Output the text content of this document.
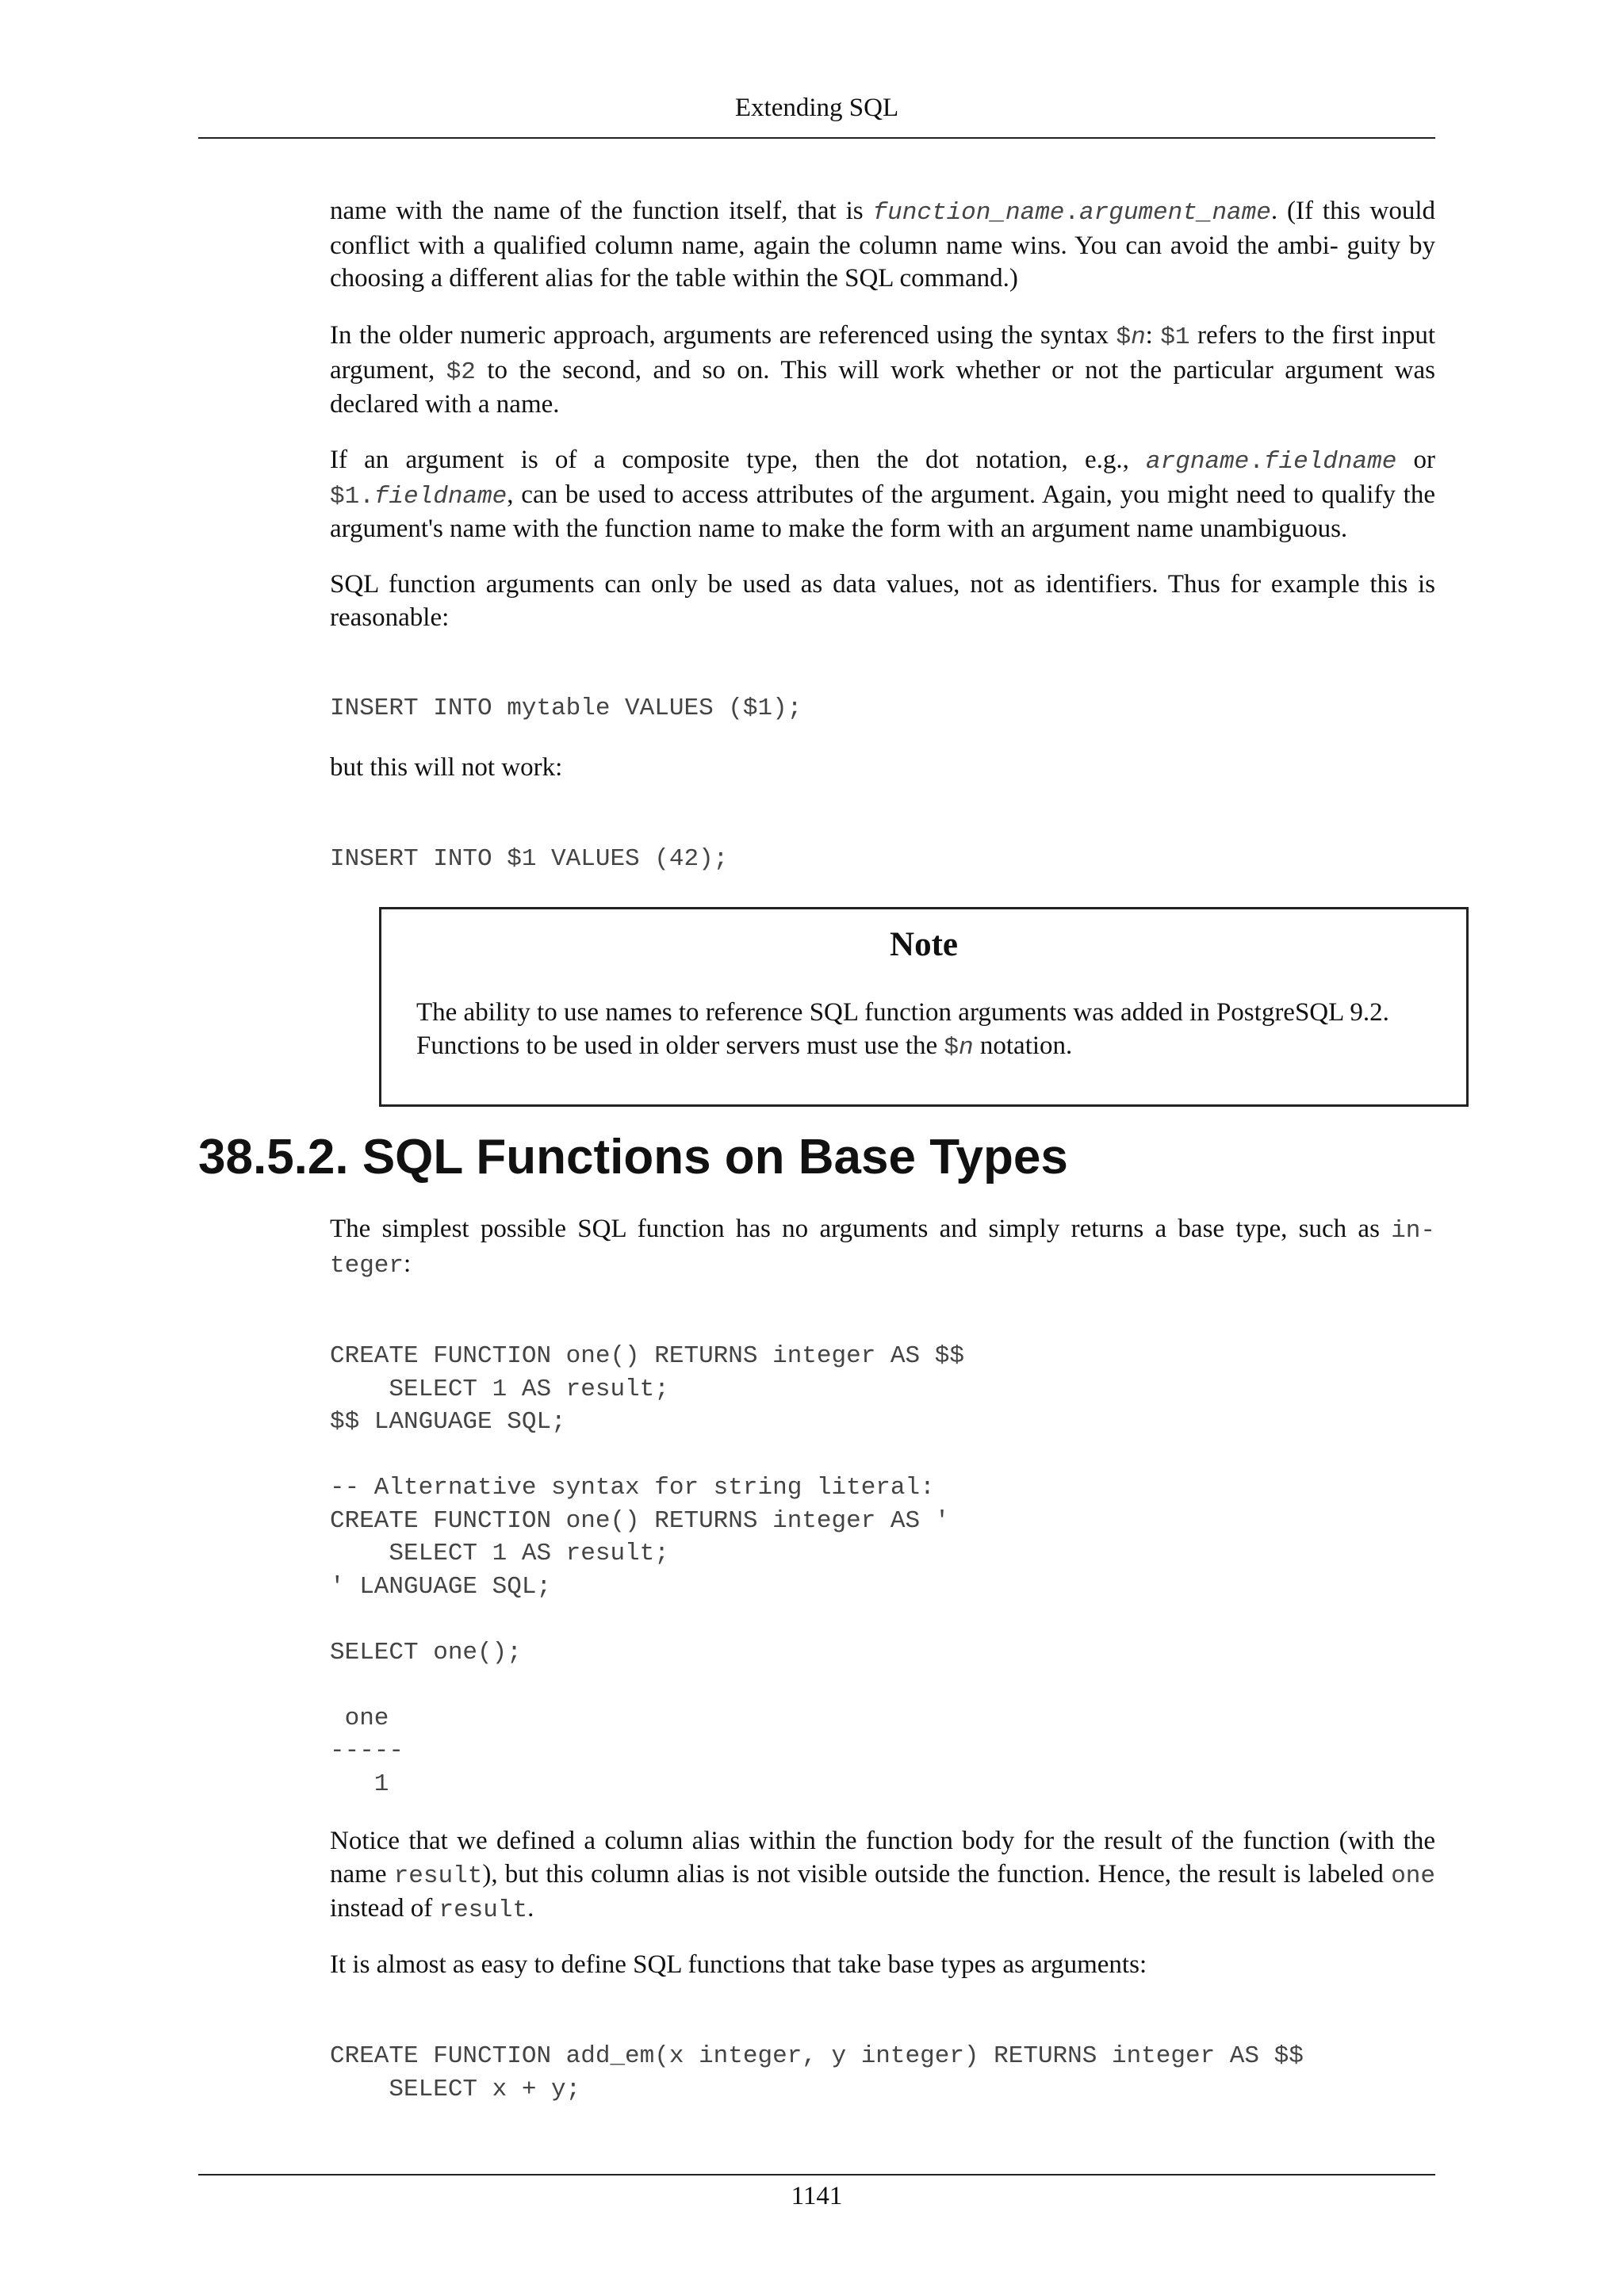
Extending SQL

name with the name of the function itself, that is function_name.argument_name. (If this would conflict with a qualified column name, again the column name wins. You can avoid the ambi- guity by choosing a different alias for the table within the SQL command.)

In the older numeric approach, arguments are referenced using the syntax $n: $1 refers to the first input argument, $2 to the second, and so on. This will work whether or not the particular argument was declared with a name.

If an argument is of a composite type, then the dot notation, e.g., argname.fieldname or $1.fieldname, can be used to access attributes of the argument. Again, you might need to qualify the argument's name with the function name to make the form with an argument name unambiguous.

SQL function arguments can only be used as data values, not as identifiers. Thus for example this is reasonable:

INSERT INTO mytable VALUES ($1);

but this will not work:

INSERT INTO $1 VALUES (42);
Note

The ability to use names to reference SQL function arguments was added in PostgreSQL 9.2. Functions to be used in older servers must use the $n notation.

38.5.2. SQL Functions on Base Types

The simplest possible SQL function has no arguments and simply returns a base type, such as in- teger:

CREATE FUNCTION one() RETURNS integer AS $$
SELECT 1 AS result;
$$ LANGUAGE SQL;

-- Alternative syntax for string literal:
CREATE FUNCTION one() RETURNS integer AS '
SELECT 1 AS result;
' LANGUAGE SQL;

SELECT one();

one
-----
1

Notice that we defined a column alias within the function body for the result of the function (with the name result), but this column alias is not visible outside the function. Hence, the result is labeled one instead of result.

It is almost as easy to define SQL functions that take base types as arguments:

CREATE FUNCTION add_em(x integer, y integer) RETURNS integer AS $$
SELECT x + y;
1141
